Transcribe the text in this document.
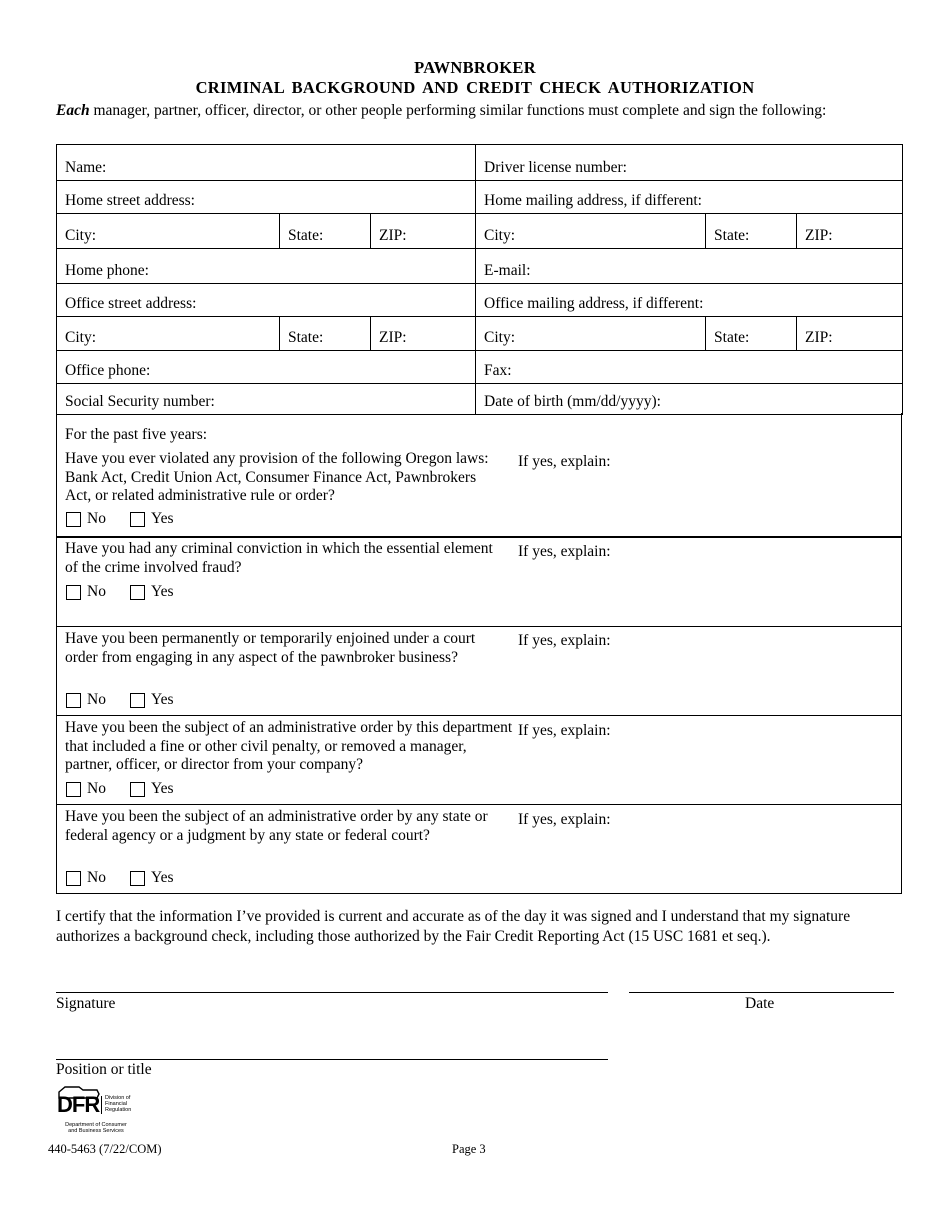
PAWNBROKER
CRIMINAL BACKGROUND AND CREDIT CHECK AUTHORIZATION
Each manager, partner, officer, director, or other people performing similar functions must complete and sign the following:
Name:			Driver license number:		
Home street address:			Home mailing address, if different:		
City:	State:	ZIP:	City:	State:	ZIP:
Home phone:			E-mail:		
Office street address:			Office mailing address, if different:		
City:	State:	ZIP:	City:	State:	ZIP:
Office phone:			Fax:		
Social Security number:			Date of birth (mm/dd/yyyy):		
For the past five years:
Have you ever violated any provision of the following Oregon laws: Bank Act, Credit Union Act, Consumer Finance Act, Pawnbrokers Act, or related administrative rule or order?
If yes, explain:
No	Yes
Have you had any criminal conviction in which the essential element of the crime involved fraud?
If yes, explain:
No	Yes
Have you been permanently or temporarily enjoined under a court order from engaging in any aspect of the pawnbroker business?
If yes, explain:
No	Yes
Have you been the subject of an administrative order by this department that included a fine or other civil penalty, or removed a manager, partner, officer, or director from your company?
If yes, explain:
No	Yes
Have you been the subject of an administrative order by any state or federal agency or a judgment by any state or federal court?
If yes, explain:
No	Yes
I certify that the information I’ve provided is current and accurate as of the day it was signed and I understand that my signature authorizes a background check, including those authorized by the Fair Credit Reporting Act (15 USC 1681 et seq.).
Signature	Date
Position or title
DFR Division of
Financial
Regulation
Department of Consumer
and Business Services
440-5463 (7/22/COM)	Page 3
